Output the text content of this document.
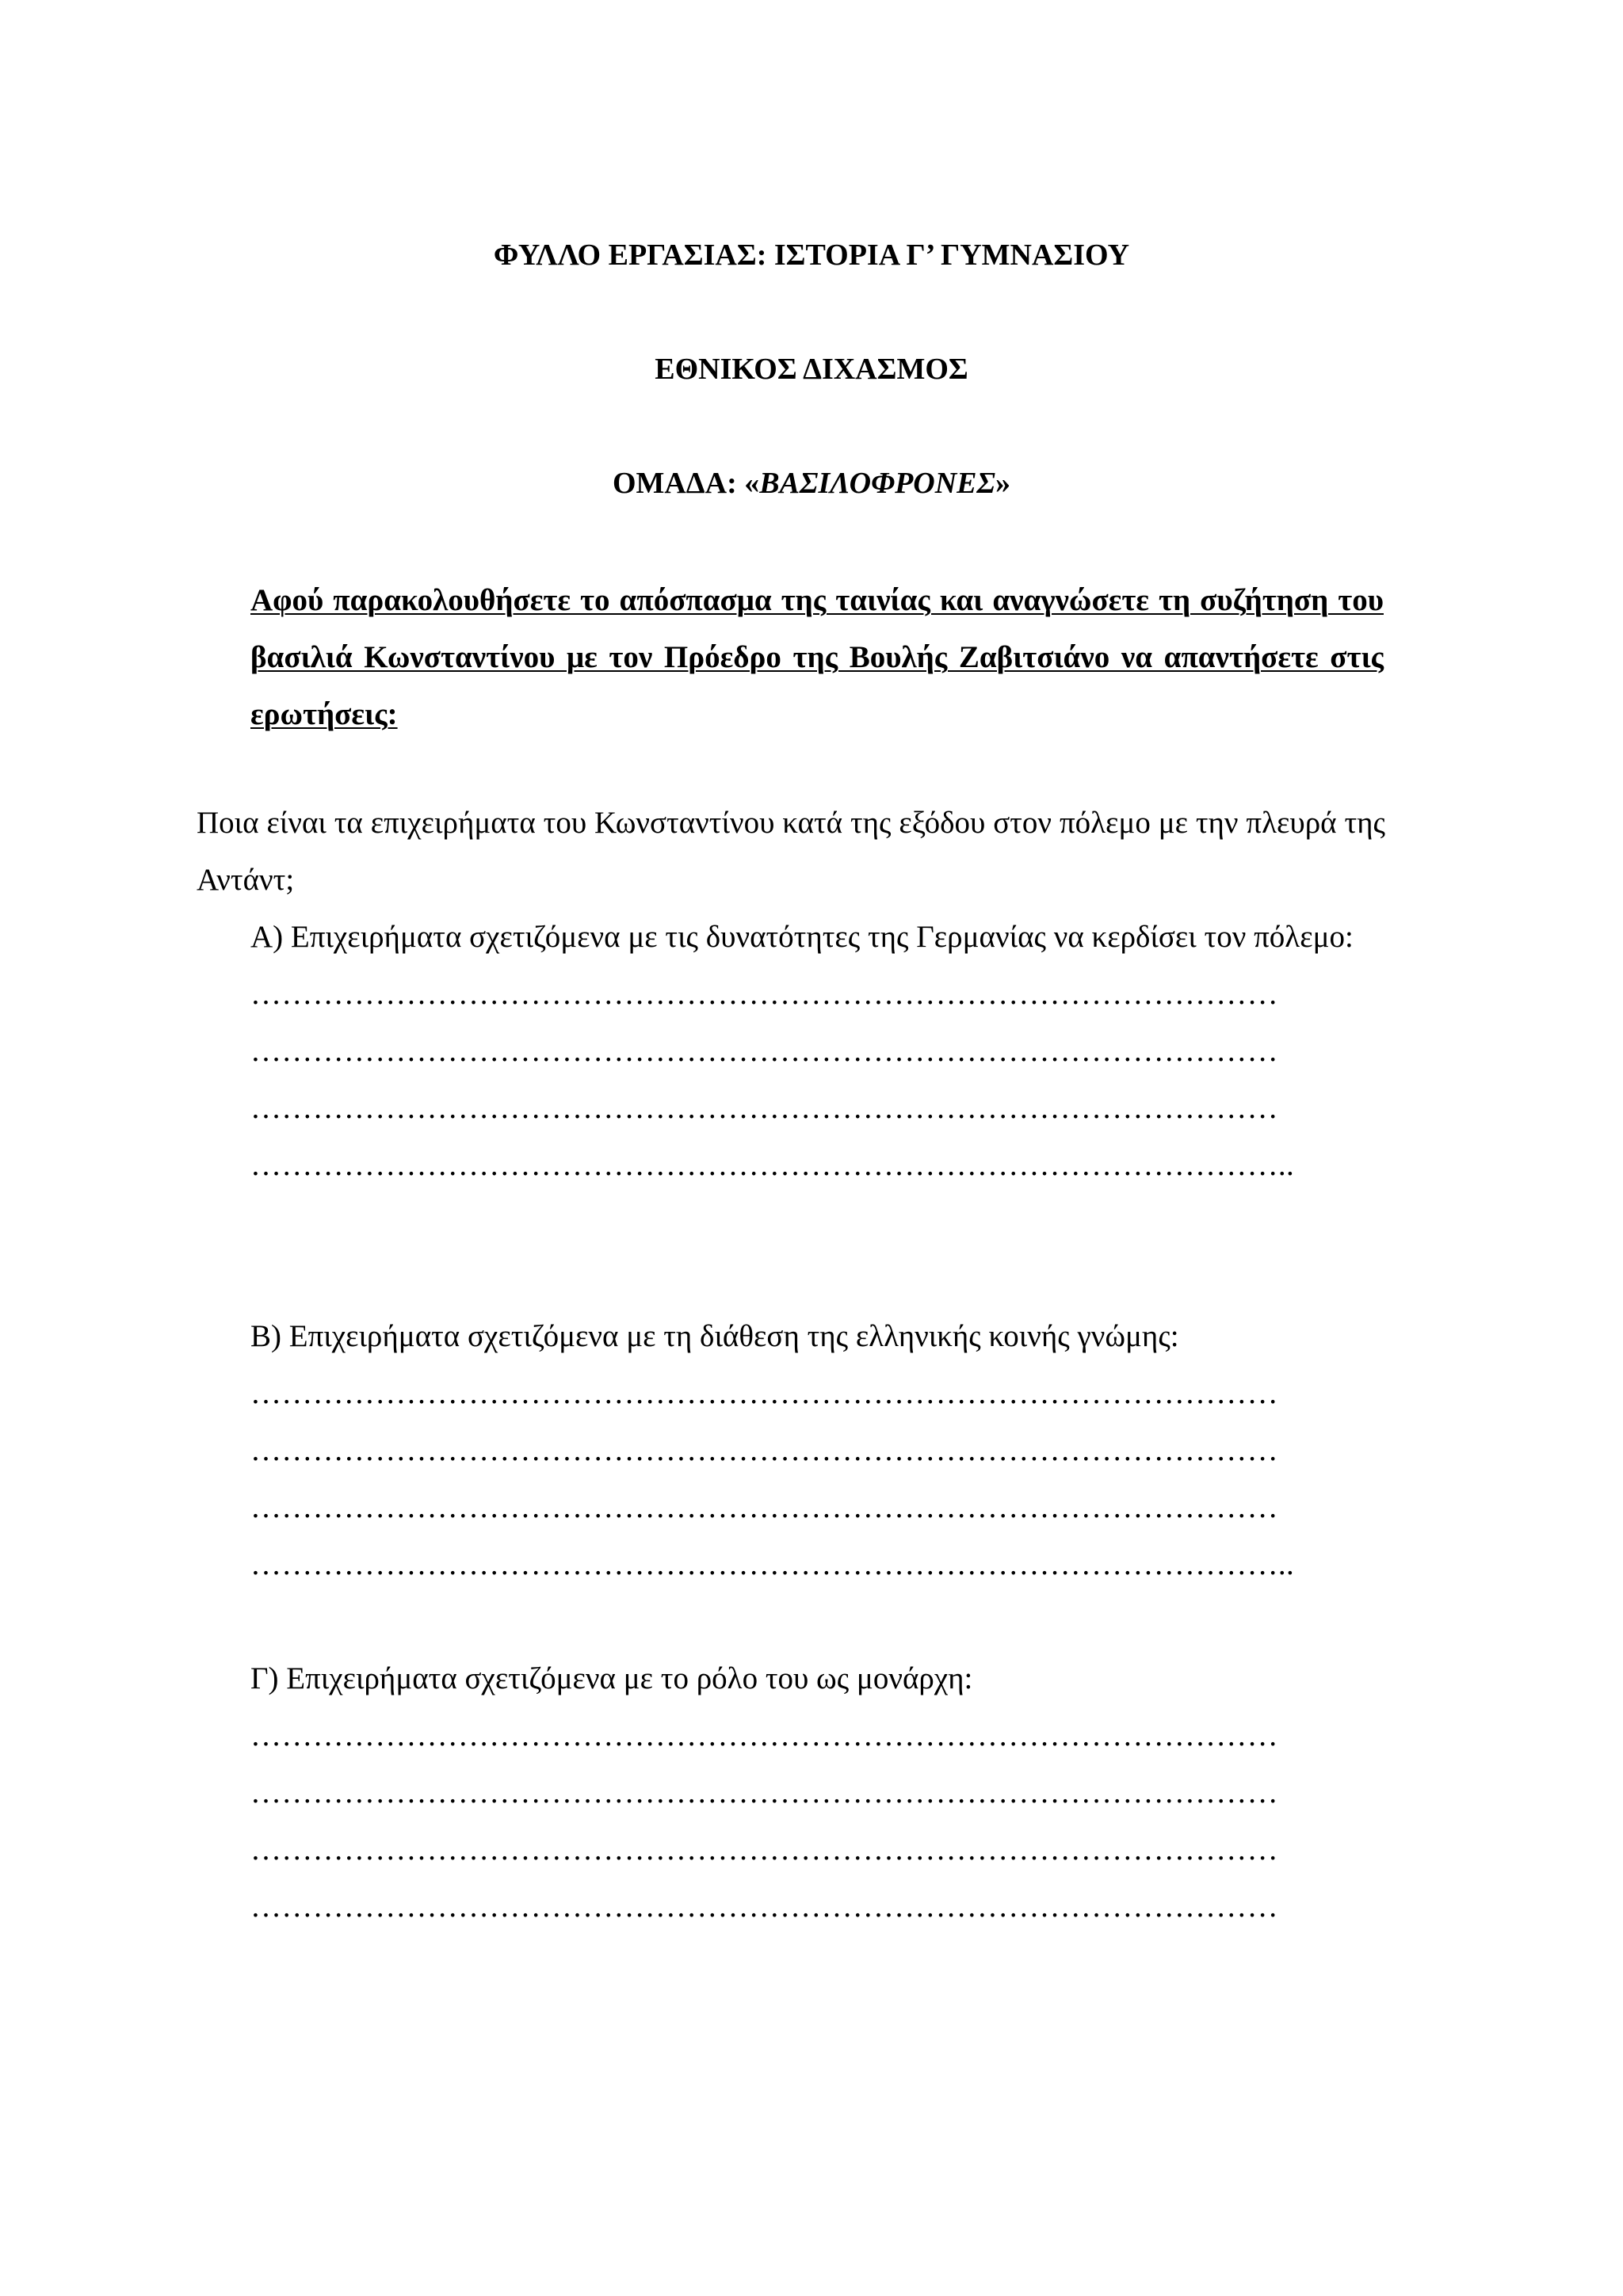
ΦΥΛΛΟ ΕΡΓΑΣΙΑΣ: ΙΣΤΟΡΙΑ Γ’ ΓΥΜΝΑΣΙΟΥ
ΕΘΝΙΚΟΣ ΔΙΧΑΣΜΟΣ
ΟΜΑΔΑ: «ΒΑΣΙΛΟΦΡΟΝΕΣ»
Αφού παρακολουθήσετε το απόσπασμα της ταινίας και αναγνώσετε τη συζήτηση του βασιλιά Κωνσταντίνου με τον Πρόεδρο της Βουλής Ζαβιτσιάνο να απαντήσετε στις ερωτήσεις:
Ποια είναι τα επιχειρήματα του Κωνσταντίνου κατά της εξόδου στον πόλεμο με την πλευρά της Αντάντ;
Α) Επιχειρήματα σχετιζόμενα με τις δυνατότητες της Γερμανίας να κερδίσει τον πόλεμο:
………………………………………………………………………………………
………………………………………………………………………………………
………………………………………………………………………………………
………………………………………………………………………………………..
Β) Επιχειρήματα σχετιζόμενα με τη διάθεση της ελληνικής κοινής γνώμης:
………………………………………………………………………………………
………………………………………………………………………………………
………………………………………………………………………………………
………………………………………………………………………………………..
Γ) Επιχειρήματα σχετιζόμενα με το ρόλο του ως μονάρχη:
………………………………………………………………………………………
………………………………………………………………………………………
………………………………………………………………………………………
………………………………………………………………………………………
